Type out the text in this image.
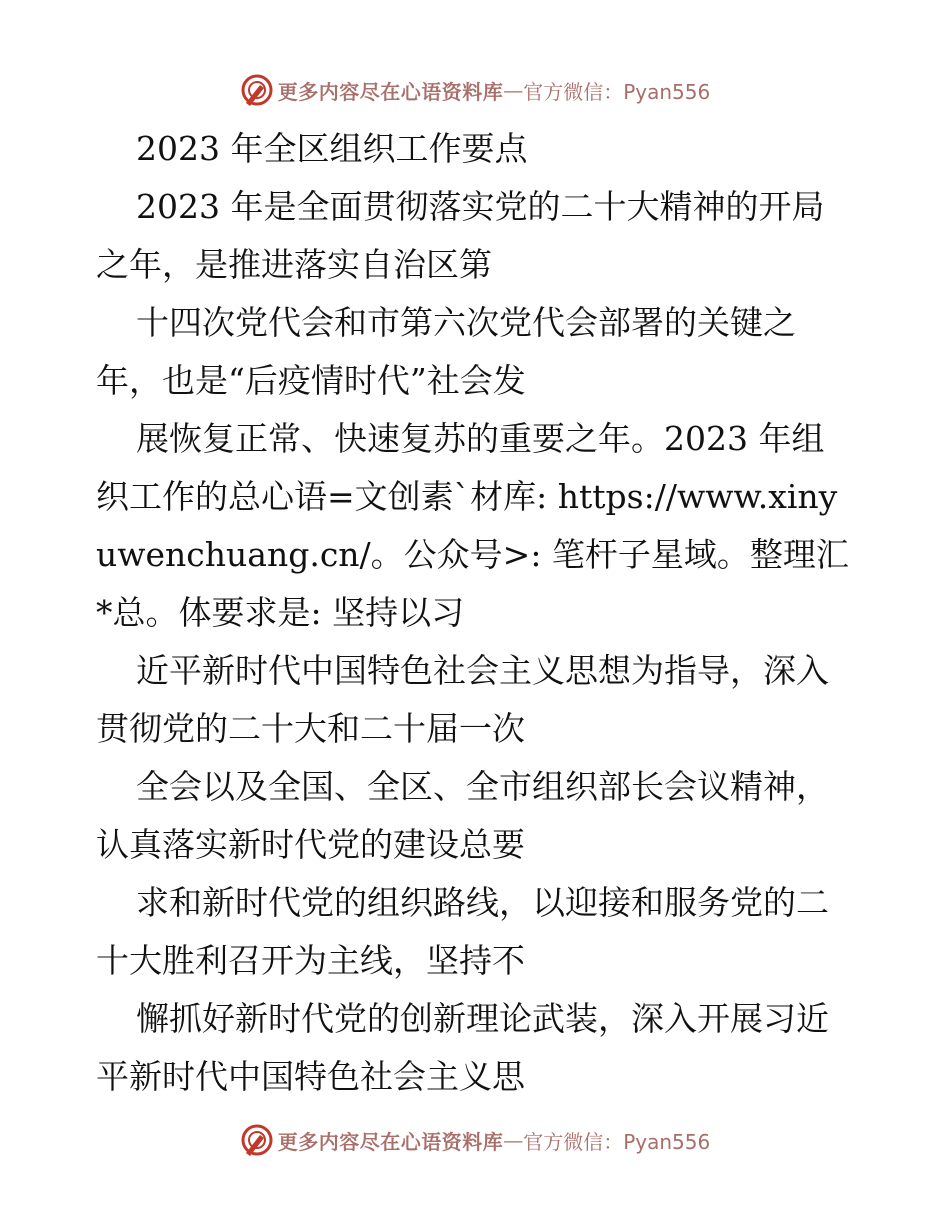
更多内容尽在心语资料库 — 官方微信：Pyan556

2023 年全区组织工作要点

2023 年是全面贯彻落实党的二十大精神的开局之年，是推进落实自治区第

十四次党代会和市第六次党代会部署的关键之年，也是“后疫情时代”社会发

展恢复正常、快速复苏的重要之年。2023 年组织工作的总心语=文创素`材库: https://www.xinyuwenchuang.cn/。公众号>: 笔杆子星域。整理汇*总。体要求是: 坚持以习

近平新时代中国特色社会主义思想为指导，深入贯彻党的二十大和二十届一次

全会以及全国、全区、全市组织部长会议精神，认真落实新时代党的建设总要

求和新时代党的组织路线，以迎接和服务党的二十大胜利召开为主线，坚持不

懈抓好新时代党的创新理论武装，深入开展习近平新时代中国特色社会主义思

更多内容尽在心语资料库 — 官方微信：Pyan556
